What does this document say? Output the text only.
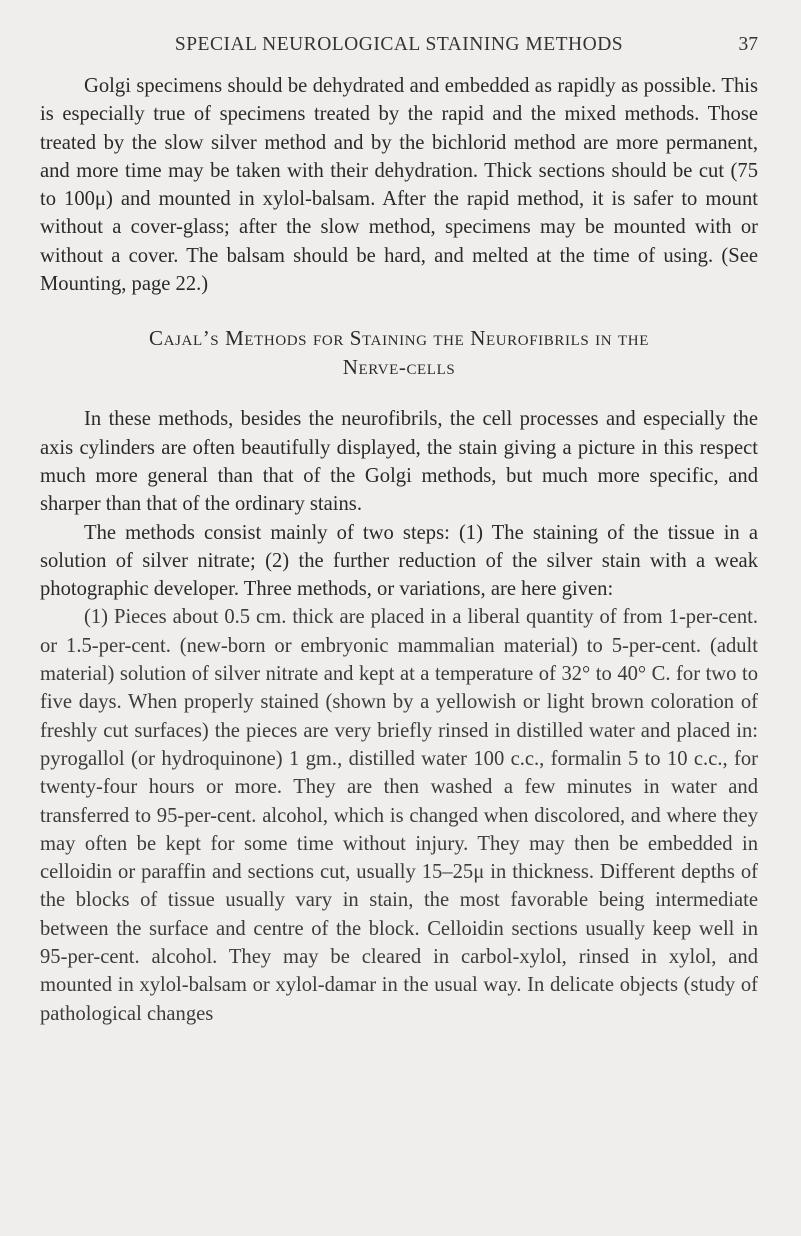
SPECIAL NEUROLOGICAL STAINING METHODS	37

Golgi specimens should be dehydrated and embedded as rapidly as possible. This is especially true of specimens treated by the rapid and the mixed methods. Those treated by the slow silver method and by the bichlorid method are more permanent, and more time may be taken with their dehydration. Thick sections should be cut (75 to 100μ) and mounted in xylol-balsam. After the rapid method, it is safer to mount without a cover-glass; after the slow method, specimens may be mounted with or without a cover. The balsam should be hard, and melted at the time of using. (See Mounting, page 22.)

Cajal’s Methods for Staining the Neurofibrils in the
Nerve-cells

In these methods, besides the neurofibrils, the cell processes and especially the axis cylinders are often beautifully displayed, the stain giving a picture in this respect much more general than that of the Golgi methods, but much more specific, and sharper than that of the ordinary stains.

The methods consist mainly of two steps: (1) The staining of the tissue in a solution of silver nitrate; (2) the further reduction of the silver stain with a weak photographic developer. Three methods, or variations, are here given:

(1) Pieces about 0.5 cm. thick are placed in a liberal quantity of from 1-per-cent. or 1.5-per-cent. (new-born or embryonic mammalian material) to 5-per-cent. (adult material) solution of silver nitrate and kept at a temperature of 32° to 40° C. for two to five days. When properly stained (shown by a yellowish or light brown coloration of freshly cut surfaces) the pieces are very briefly rinsed in distilled water and placed in: pyrogallol (or hydroquinone) 1 gm., distilled water 100 c.c., formalin 5 to 10 c.c., for twenty-four hours or more. They are then washed a few minutes in water and transferred to 95-per-cent. alcohol, which is changed when discolored, and where they may often be kept for some time without injury. They may then be embedded in celloidin or paraffin and sections cut, usually 15–25μ in thickness. Different depths of the blocks of tissue usually vary in stain, the most favorable being intermediate between the surface and centre of the block. Celloidin sections usually keep well in 95-per-cent. alcohol. They may be cleared in carbol-xylol, rinsed in xylol, and mounted in xylol-balsam or xylol-damar in the usual way. In delicate objects (study of pathological changes
